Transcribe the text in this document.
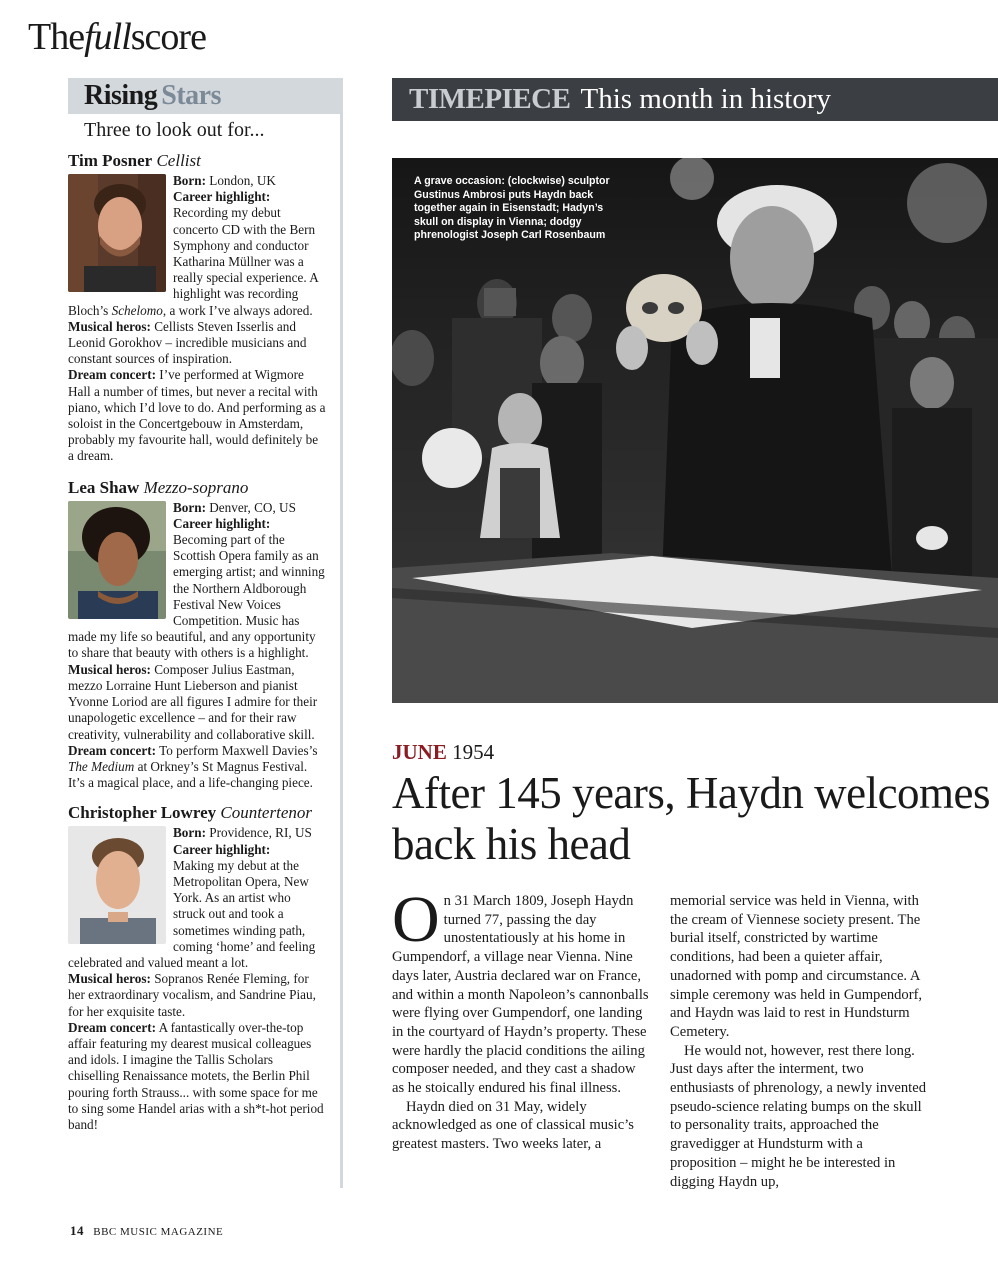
Thefullscore
Rising Stars
Three to look out for...
Tim Posner Cellist

Born: London, UK

Career highlight:
Recording my debut concerto CD with the Bern Symphony and conductor Katharina Müllner was a really special experience. A highlight was recording Bloch’s Schelomo, a work I’ve always adored.

Musical heros: Cellists Steven Isserlis and Leonid Gorokhov – incredible musicians and constant sources of inspiration.

Dream concert: I’ve performed at Wigmore Hall a number of times, but never a recital with piano, which I’d love to do. And performing as a soloist in the Concertgebouw in Amsterdam, probably my favourite hall, would definitely be a dream.

Lea Shaw Mezzo-soprano

Born: Denver, CO, US

Career highlight:
Becoming part of the Scottish Opera family as an emerging artist; and winning the Northern Aldborough Festival New Voices Competition. Music has made my life so beautiful, and any opportunity to share that beauty with others is a highlight.

Musical heros: Composer Julius Eastman, mezzo Lorraine Hunt Lieberson and pianist Yvonne Loriod are all figures I admire for their unapologetic excellence – and for their raw creativity, vulnerability and collaborative skill.

Dream concert: To perform Maxwell Davies’s The Medium at Orkney’s St Magnus Festival. It’s a magical place, and a life-changing piece.

Christopher Lowrey Countertenor

Born: Providence, RI, US

Career highlight:
Making my debut at the Metropolitan Opera, New York. As an artist who struck out and took a sometimes winding path, coming ‘home’ and feeling celebrated and valued meant a lot.

Musical heros: Sopranos Renée Fleming, for her extraordinary vocalism, and Sandrine Piau, for her exquisite taste.

Dream concert: A fantastically over-the-top affair featuring my dearest musical colleagues and idols. I imagine the Tallis Scholars chiselling Renaissance motets, the Berlin Phil pouring forth Strauss... with some space for me to sing some Handel arias with a sh*t-hot period band!

TIMEPIECE This month in history
A grave occasion: (clockwise) sculptor Gustinus Ambrosi puts Haydn back together again in Eisenstadt; Hadyn’s skull on display in Vienna; dodgy phrenologist Joseph Carl Rosenbaum
JUNE 1954
After 145 years, Haydn welcomes back his head

On 31 March 1809, Joseph Haydn turned 77, passing the day unostentatiously at his home in Gumpendorf, a village near Vienna. Nine days later, Austria declared war on France, and within a month Napoleon’s cannonballs were flying over Gumpendorf, one landing in the courtyard of Haydn’s property. These were hardly the placid conditions the ailing composer needed, and they cast a shadow as he stoically endured his final illness.

Haydn died on 31 May, widely acknowledged as one of classical music’s greatest masters. Two weeks later, a

memorial service was held in Vienna, with the cream of Viennese society present. The burial itself, constricted by wartime conditions, had been a quieter affair, unadorned with pomp and circumstance. A simple ceremony was held in Gumpendorf, and Haydn was laid to rest in Hundsturm Cemetery.

He would not, however, rest there long. Just days after the interment, two enthusiasts of phrenology, a newly invented pseudo-science relating bumps on the skull to personality traits, approached the gravedigger at Hundsturm with a proposition – might he be interested in digging Haydn up,

14 BBC MUSIC MAGAZINE
